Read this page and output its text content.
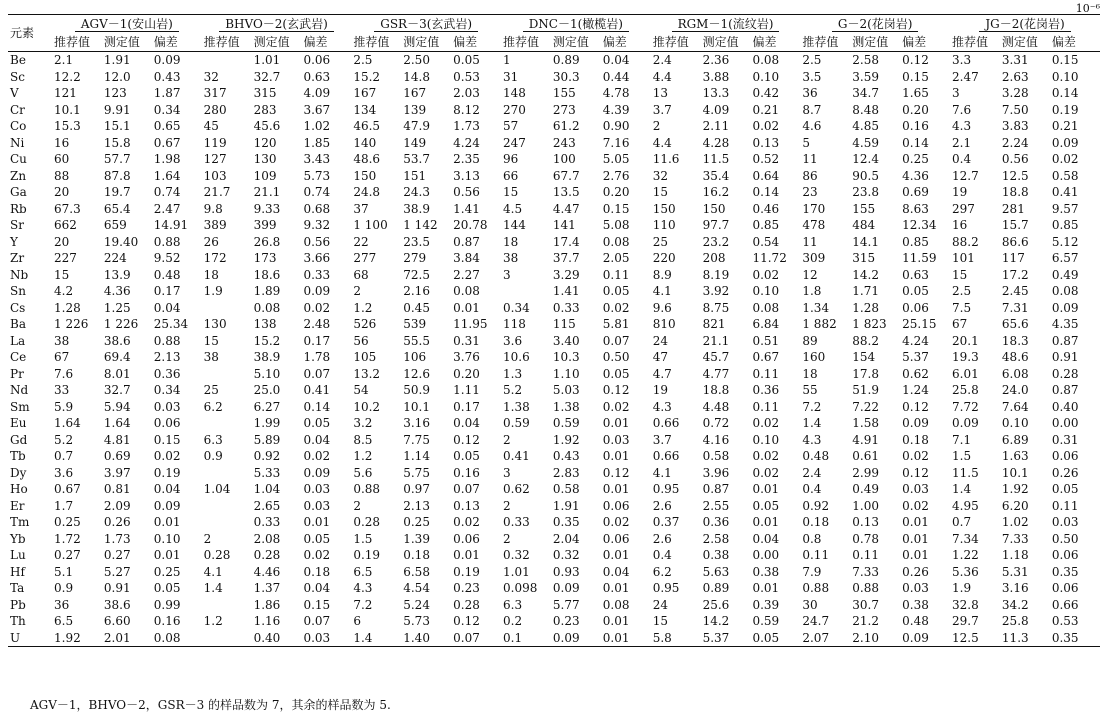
10⁻⁶
元素	AGV－1(安山岩)			BHVO－2(玄武岩)			GSR－3(玄武岩)			DNC－1(橄榄岩)			RGM－1(流纹岩)			G－2(花岗岩)			JG－2(花岗岩)		
	推荐值	测定值	偏差	推荐值	测定值	偏差	推荐值	测定值	偏差	推荐值	测定值	偏差	推荐值	测定值	偏差	推荐值	测定值	偏差	推荐值	测定值	偏差
Be	2.1	1.91	0.09		1.01	0.06	2.5	2.50	0.05	1	0.89	0.04	2.4	2.36	0.08	2.5	2.58	0.12	3.3	3.31	0.15
Sc	12.2	12.0	0.43	32	32.7	0.63	15.2	14.8	0.53	31	30.3	0.44	4.4	3.88	0.10	3.5	3.59	0.15	2.47	2.63	0.10
V	121	123	1.87	317	315	4.09	167	167	2.03	148	155	4.78	13	13.3	0.42	36	34.7	1.65	3	3.28	0.14
Cr	10.1	9.91	0.34	280	283	3.67	134	139	8.12	270	273	4.39	3.7	4.09	0.21	8.7	8.48	0.20	7.6	7.50	0.19
Co	15.3	15.1	0.65	45	45.6	1.02	46.5	47.9	1.73	57	61.2	0.90	2	2.11	0.02	4.6	4.85	0.16	4.3	3.83	0.21
Ni	16	15.8	0.67	119	120	1.85	140	149	4.24	247	243	7.16	4.4	4.28	0.13	5	4.59	0.14	2.1	2.24	0.09
Cu	60	57.7	1.98	127	130	3.43	48.6	53.7	2.35	96	100	5.05	11.6	11.5	0.52	11	12.4	0.25	0.4	0.56	0.02
Zn	88	87.8	1.64	103	109	5.73	150	151	3.13	66	67.7	2.76	32	35.4	0.64	86	90.5	4.36	12.7	12.5	0.58
Ga	20	19.7	0.74	21.7	21.1	0.74	24.8	24.3	0.56	15	13.5	0.20	15	16.2	0.14	23	23.8	0.69	19	18.8	0.41
Rb	67.3	65.4	2.47	9.8	9.33	0.68	37	38.9	1.41	4.5	4.47	0.15	150	150	0.46	170	155	8.63	297	281	9.57
Sr	662	659	14.91	389	399	9.32	1 100	1 142	20.78	144	141	5.08	110	97.7	0.85	478	484	12.34	16	15.7	0.85
Y	20	19.40	0.88	26	26.8	0.56	22	23.5	0.87	18	17.4	0.08	25	23.2	0.54	11	14.1	0.85	88.2	86.6	5.12
Zr	227	224	9.52	172	173	3.66	277	279	3.84	38	37.7	2.05	220	208	11.72	309	315	11.59	101	117	6.57
Nb	15	13.9	0.48	18	18.6	0.33	68	72.5	2.27	3	3.29	0.11	8.9	8.19	0.02	12	14.2	0.63	15	17.2	0.49
Sn	4.2	4.36	0.17	1.9	1.89	0.09	2	2.16	0.08		1.41	0.05	4.1	3.92	0.10	1.8	1.71	0.05	2.5	2.45	0.08
Cs	1.28	1.25	0.04		0.08	0.02	1.2	0.45	0.01	0.34	0.33	0.02	9.6	8.75	0.08	1.34	1.28	0.06	7.5	7.31	0.09
Ba	1 226	1 226	25.34	130	138	2.48	526	539	11.95	118	115	5.81	810	821	6.84	1 882	1 823	25.15	67	65.6	4.35
La	38	38.6	0.88	15	15.2	0.17	56	55.5	0.31	3.6	3.40	0.07	24	21.1	0.51	89	88.2	4.24	20.1	18.3	0.87
Ce	67	69.4	2.13	38	38.9	1.78	105	106	3.76	10.6	10.3	0.50	47	45.7	0.67	160	154	5.37	19.3	48.6	0.91
Pr	7.6	8.01	0.36		5.10	0.07	13.2	12.6	0.20	1.3	1.10	0.05	4.7	4.77	0.11	18	17.8	0.62	6.01	6.08	0.28
Nd	33	32.7	0.34	25	25.0	0.41	54	50.9	1.11	5.2	5.03	0.12	19	18.8	0.36	55	51.9	1.24	25.8	24.0	0.87
Sm	5.9	5.94	0.03	6.2	6.27	0.14	10.2	10.1	0.17	1.38	1.38	0.02	4.3	4.48	0.11	7.2	7.22	0.12	7.72	7.64	0.40
Eu	1.64	1.64	0.06		1.99	0.05	3.2	3.16	0.04	0.59	0.59	0.01	0.66	0.72	0.02	1.4	1.58	0.09	0.09	0.10	0.00
Gd	5.2	4.81	0.15	6.3	5.89	0.04	8.5	7.75	0.12	2	1.92	0.03	3.7	4.16	0.10	4.3	4.91	0.18	7.1	6.89	0.31
Tb	0.7	0.69	0.02	0.9	0.92	0.02	1.2	1.14	0.05	0.41	0.43	0.01	0.66	0.58	0.02	0.48	0.61	0.02	1.5	1.63	0.06
Dy	3.6	3.97	0.19		5.33	0.09	5.6	5.75	0.16	3	2.83	0.12	4.1	3.96	0.02	2.4	2.99	0.12	11.5	10.1	0.26
Ho	0.67	0.81	0.04	1.04	1.04	0.03	0.88	0.97	0.07	0.62	0.58	0.01	0.95	0.87	0.01	0.4	0.49	0.03	1.4	1.92	0.05
Er	1.7	2.09	0.09		2.65	0.03	2	2.13	0.13	2	1.91	0.06	2.6	2.55	0.05	0.92	1.00	0.02	4.95	6.20	0.11
Tm	0.25	0.26	0.01		0.33	0.01	0.28	0.25	0.02	0.33	0.35	0.02	0.37	0.36	0.01	0.18	0.13	0.01	0.7	1.02	0.03
Yb	1.72	1.73	0.10	2	2.08	0.05	1.5	1.39	0.06	2	2.04	0.06	2.6	2.58	0.04	0.8	0.78	0.01	7.34	7.33	0.50
Lu	0.27	0.27	0.01	0.28	0.28	0.02	0.19	0.18	0.01	0.32	0.32	0.01	0.4	0.38	0.00	0.11	0.11	0.01	1.22	1.18	0.06
Hf	5.1	5.27	0.25	4.1	4.46	0.18	6.5	6.58	0.19	1.01	0.93	0.04	6.2	5.63	0.38	7.9	7.33	0.26	5.36	5.31	0.35
Ta	0.9	0.91	0.05	1.4	1.37	0.04	4.3	4.54	0.23	0.098	0.09	0.01	0.95	0.89	0.01	0.88	0.88	0.03	1.9	3.16	0.06
Pb	36	38.6	0.99		1.86	0.15	7.2	5.24	0.28	6.3	5.77	0.08	24	25.6	0.39	30	30.7	0.38	32.8	34.2	0.66
Th	6.5	6.60	0.16	1.2	1.16	0.07	6	5.73	0.12	0.2	0.23	0.01	15	14.2	0.59	24.7	21.2	0.48	29.7	25.8	0.53
U	1.92	2.01	0.08		0.40	0.03	1.4	1.40	0.07	0.1	0.09	0.01	5.8	5.37	0.05	2.07	2.10	0.09	12.5	11.3	0.35
AGV－1，BHVO－2，GSR－3 的样品数为 7，其余的样品数为 5.
